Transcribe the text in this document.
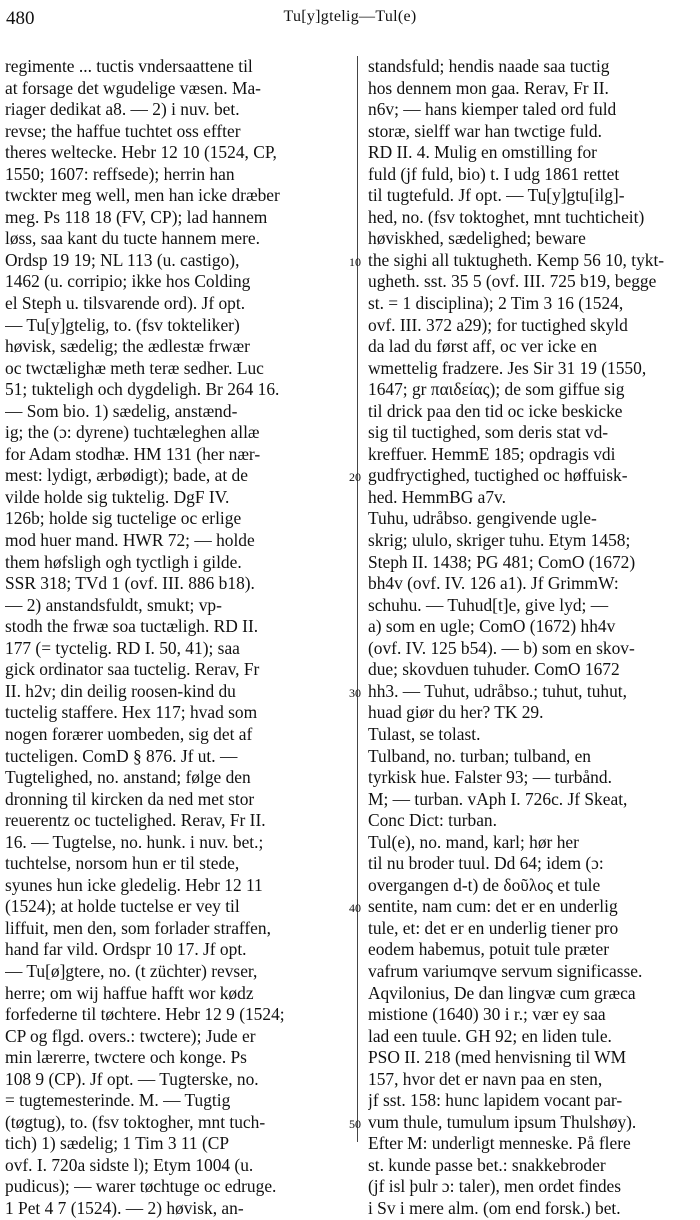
480	Tu[y]gtelig—Tul(e)
regimente ... tuctis vndersaattene til
at forsage det wgudelige væsen. Ma-
riager dedikat a8. — 2) i nuv. bet.
revse; the haffue tuchtet oss effter
theres weltecke. Hebr 12 10 (1524, CP,
1550; 1607: reffsede); herrin han
twckter meg well, men han icke dræber
meg. Ps 118 18 (FV, CP); lad hannem
løss, saa kant du tucte hannem mere.
Ordsp 19 19; NL 113 (u. castigo),
1462 (u. corripio; ikke hos Colding
el Steph u. tilsvarende ord). Jf opt.
— Tu[y]gtelig, to. (fsv tokteliker)
høvisk, sædelig; the ædlestæ frwær
oc twctælighæ meth teræ sedher. Luc
51; tukteligh och dygdeligh. Br 264 16.
— Som bio. 1) sædelig, anstænd-
ig; the (ɔ: dyrene) tuchtæleghen allæ
for Adam stodhæ. HM 131 (her nær-
mest: lydigt, ærbødigt); bade, at de
vilde holde sig tuktelig. DgF IV.
126b; holde sig tuctelige oc erlige
mod huer mand. HWR 72; — holde
them høfsligh ogh tyctligh i gilde.
SSR 318; TVd 1 (ovf. III. 886 b18).
— 2) anstandsfuldt, smukt; vp-
stodh the frwæ soa tuctæligh. RD II.
177 (= tyctelig. RD I. 50, 41); saa
gick ordinator saa tuctelig. Rerav, Fr
II. h2v; din deilig roosen-kind du
tuctelig staffere. Hex 117; hvad som
nogen forærer uombeden, sig det af
tucteligen. ComD § 876. Jf ut. —
Tugtelighed, no. anstand; følge den
dronning til kircken da ned met stor
reuerentz oc tuctelighed. Rerav, Fr II.
16. — Tugtelse, no. hunk. i nuv. bet.;
tuchtelse, norsom hun er til stede,
syunes hun icke gledelig. Hebr 12 11
(1524); at holde tuctelse er vey til
liffuit, men den, som forlader straffen,
hand far vild. Ordspr 10 17. Jf opt.
— Tu[ø]gtere, no. (t züchter) revser,
herre; om wij haffue hafft wor kødz
forfederne til tøchtere. Hebr 12 9 (1524;
CP og flgd. overs.: twctere); Jude er
min lærerre, twctere och konge. Ps
108 9 (CP). Jf opt. — Tugterske, no.
= tugtemesterinde. M. — Tugtig
(tøgtug), to. (fsv toktogher, mnt tuch-
tich) 1) sædelig; 1 Tim 3 11 (CP
ovf. I. 720a sidste l); Etym 1004 (u.
pudicus); — warer tøchtuge oc edruge.
1 Pet 4 7 (1524). — 2) høvisk, an-
10
20
30
40
50
standsfuld; hendis naade saa tuctig
hos dennem mon gaa. Rerav, Fr II.
n6v; — hans kiemper taled ord fuld
storæ, sielff war han twctige fuld.
RD II. 4. Mulig en omstilling for
fuld (jf fuld, bio) t. I udg 1861 rettet
til tugtefuld. Jf opt. — Tu[y]gtu[ilg]-
hed, no. (fsv toktoghet, mnt tuchticheit)
høviskhed, sædelighed; beware
the sighi all tuktugheth. Kemp 56 10, tykt-
ugheth. sst. 35 5 (ovf. III. 725 b19, begge
st. = 1 disciplina); 2 Tim 3 16 (1524,
ovf. III. 372 a29); for tuctighed skyld
da lad du først aff, oc ver icke en
wmettelig fradzere. Jes Sir 31 19 (1550,
1647; gr παιδείας); de som giffue sig
til drick paa den tid oc icke beskicke
sig til tuctighed, som deris stat vd-
kreffuer. HemmE 185; opdragis vdi
gudfryctighed, tuctighed oc høffuisk-
hed. HemmBG a7v.
Tuhu, udråbso. gengivende ugle-
skrig; ululo, skriger tuhu. Etym 1458;
Steph II. 1438; PG 481; ComO (1672)
bh4v (ovf. IV. 126 a1). Jf GrimmW:
schuhu. — Tuhud[t]e, give lyd; —
a) som en ugle; ComO (1672) hh4v
(ovf. IV. 125 b54). — b) som en skov-
due; skovduen tuhuder. ComO 1672
hh3. — Tuhut, udråbso.; tuhut, tuhut,
huad giør du her? TK 29.
Tulast, se tolast.
Tulband, no. turban; tulband, en
tyrkisk hue. Falster 93; — turbånd.
M; — turban. vAph I. 726c. Jf Skeat,
Conc Dict: turban.
Tul(e), no. mand, karl; hør her
til nu broder tuul. Dd 64; idem (ɔ:
overgangen d-t) de δοῦλος et tule
sentite, nam cum: det er en underlig
tule, et: det er en underlig tiener pro
eodem habemus, potuit tule præter
vafrum variumqve servum significasse.
Aqvilonius, De dan lingvæ cum græca
mistione (1640) 30 i r.; vær ey saa
lad een tuule. GH 92; en liden tule.
PSO II. 218 (med henvisning til WM
157, hvor det er navn paa en sten,
jf sst. 158: hunc lapidem vocant par-
vum thule, tumulum ipsum Thulshøy).
Efter M: underligt menneske. På flere
st. kunde passe bet.: snakkebroder
(jf isl þulr ɔ: taler), men ordet findes
i Sv i mere alm. (om end forsk.) bet.
